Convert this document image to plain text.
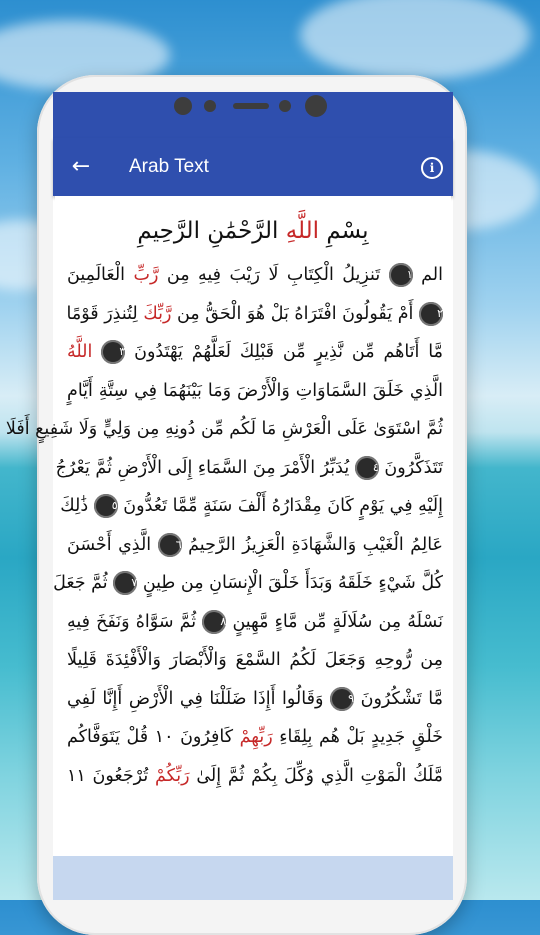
←	Arab Text	i
بِسْمِ اللَّهِ الرَّحْمَٰنِ الرَّحِيمِ
الم ١ تَنزِيلُ الْكِتَابِ لَا رَيْبَ فِيهِ مِن رَّبِّ الْعَالَمِينَ
٢ أَمْ يَقُولُونَ افْتَرَاهُ بَلْ هُوَ الْحَقُّ مِن رَّبِّكَ لِتُنذِرَ قَوْمًا
مَّا أَتَاهُم مِّن نَّذِيرٍ مِّن قَبْلِكَ لَعَلَّهُمْ يَهْتَدُونَ ٣ اللَّهُ
الَّذِي خَلَقَ السَّمَاوَاتِ وَالْأَرْضَ وَمَا بَيْنَهُمَا فِي سِتَّةِ أَيَّامٍ
ثُمَّ اسْتَوَىٰ عَلَى الْعَرْشِ مَا لَكُم مِّن دُونِهِ مِن وَلِيٍّ وَلَا شَفِيعٍ أَفَلَا
تَتَذَكَّرُونَ ٤ يُدَبِّرُ الْأَمْرَ مِنَ السَّمَاءِ إِلَى الْأَرْضِ ثُمَّ يَعْرُجُ
إِلَيْهِ فِي يَوْمٍ كَانَ مِقْدَارُهُ أَلْفَ سَنَةٍ مِّمَّا تَعُدُّونَ ٥ ذَٰلِكَ
عَالِمُ الْغَيْبِ وَالشَّهَادَةِ الْعَزِيزُ الرَّحِيمُ ٦ الَّذِي أَحْسَنَ
كُلَّ شَيْءٍ خَلَقَهُ وَبَدَأَ خَلْقَ الْإِنسَانِ مِن طِينٍ ٧ ثُمَّ جَعَلَ
نَسْلَهُ مِن سُلَالَةٍ مِّن مَّاءٍ مَّهِينٍ ٨ ثُمَّ سَوَّاهُ وَنَفَخَ فِيهِ
مِن رُّوحِهِ وَجَعَلَ لَكُمُ السَّمْعَ وَالْأَبْصَارَ وَالْأَفْئِدَةَ قَلِيلًا
مَّا تَشْكُرُونَ ٩ وَقَالُوا أَإِذَا ضَلَلْنَا فِي الْأَرْضِ أَإِنَّا لَفِي
خَلْقٍ جَدِيدٍ بَلْ هُم بِلِقَاءِ رَبِّهِمْ كَافِرُونَ ١٠ قُلْ يَتَوَفَّاكُم
مَّلَكُ الْمَوْتِ الَّذِي وُكِّلَ بِكُمْ ثُمَّ إِلَىٰ رَبِّكُمْ تُرْجَعُونَ ١١
